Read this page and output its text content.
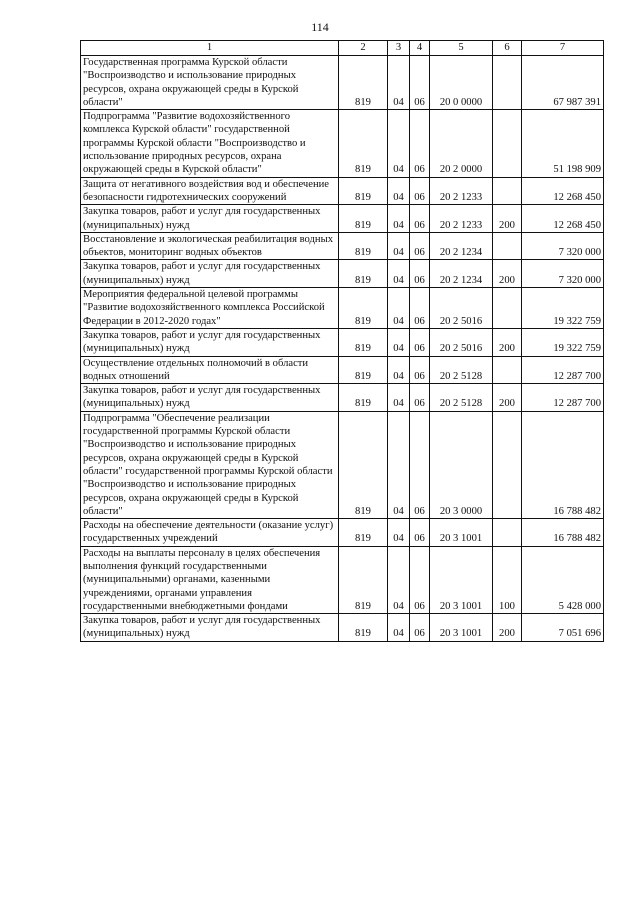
114
1	2	3	4	5	6	7
Государственная программа Курской области "Воспроизводство и использование природных ресурсов, охрана окружающей среды в Курской области"	819	04	06	20 0 0000		67 987 391
Подпрограмма "Развитие водохозяйственного комплекса Курской области" государственной программы Курской области "Воспроизводство и использование природных ресурсов, охрана окружающей среды в Курской области"	819	04	06	20 2 0000		51 198 909
Защита от негативного воздействия вод и обеспечение безопасности гидротехнических сооружений	819	04	06	20 2 1233		12 268 450
Закупка товаров, работ и услуг для государственных (муниципальных) нужд	819	04	06	20 2 1233	200	12 268 450
Восстановление и экологическая реабилитация водных объектов, мониторинг водных объектов	819	04	06	20 2 1234		7 320 000
Закупка товаров, работ и услуг для государственных (муниципальных) нужд	819	04	06	20 2 1234	200	7 320 000
Мероприятия федеральной целевой программы "Развитие водохозяйственного комплекса Российской Федерации в 2012-2020 годах"	819	04	06	20 2 5016		19 322 759
Закупка товаров, работ и услуг для государственных (муниципальных) нужд	819	04	06	20 2 5016	200	19 322 759
Осуществление отдельных полномочий в области водных отношений	819	04	06	20 2 5128		12 287 700
Закупка товаров, работ и услуг для государственных (муниципальных) нужд	819	04	06	20 2 5128	200	12 287 700
Подпрограмма "Обеспечение реализации государственной программы Курской области "Воспроизводство и использование природных ресурсов, охрана окружающей среды в Курской области" государственной программы Курской области "Воспроизводство и использование природных ресурсов, охрана окружающей среды в Курской области"	819	04	06	20 3 0000		16 788 482
Расходы на обеспечение деятельности (оказание услуг) государственных учреждений	819	04	06	20 3 1001		16 788 482
Расходы на выплаты персоналу в целях обеспечения выполнения функций государственными (муниципальными) органами, казенными учреждениями, органами управления государственными внебюджетными фондами	819	04	06	20 3 1001	100	5 428 000
Закупка товаров, работ и услуг для государственных (муниципальных) нужд	819	04	06	20 3 1001	200	7 051 696
